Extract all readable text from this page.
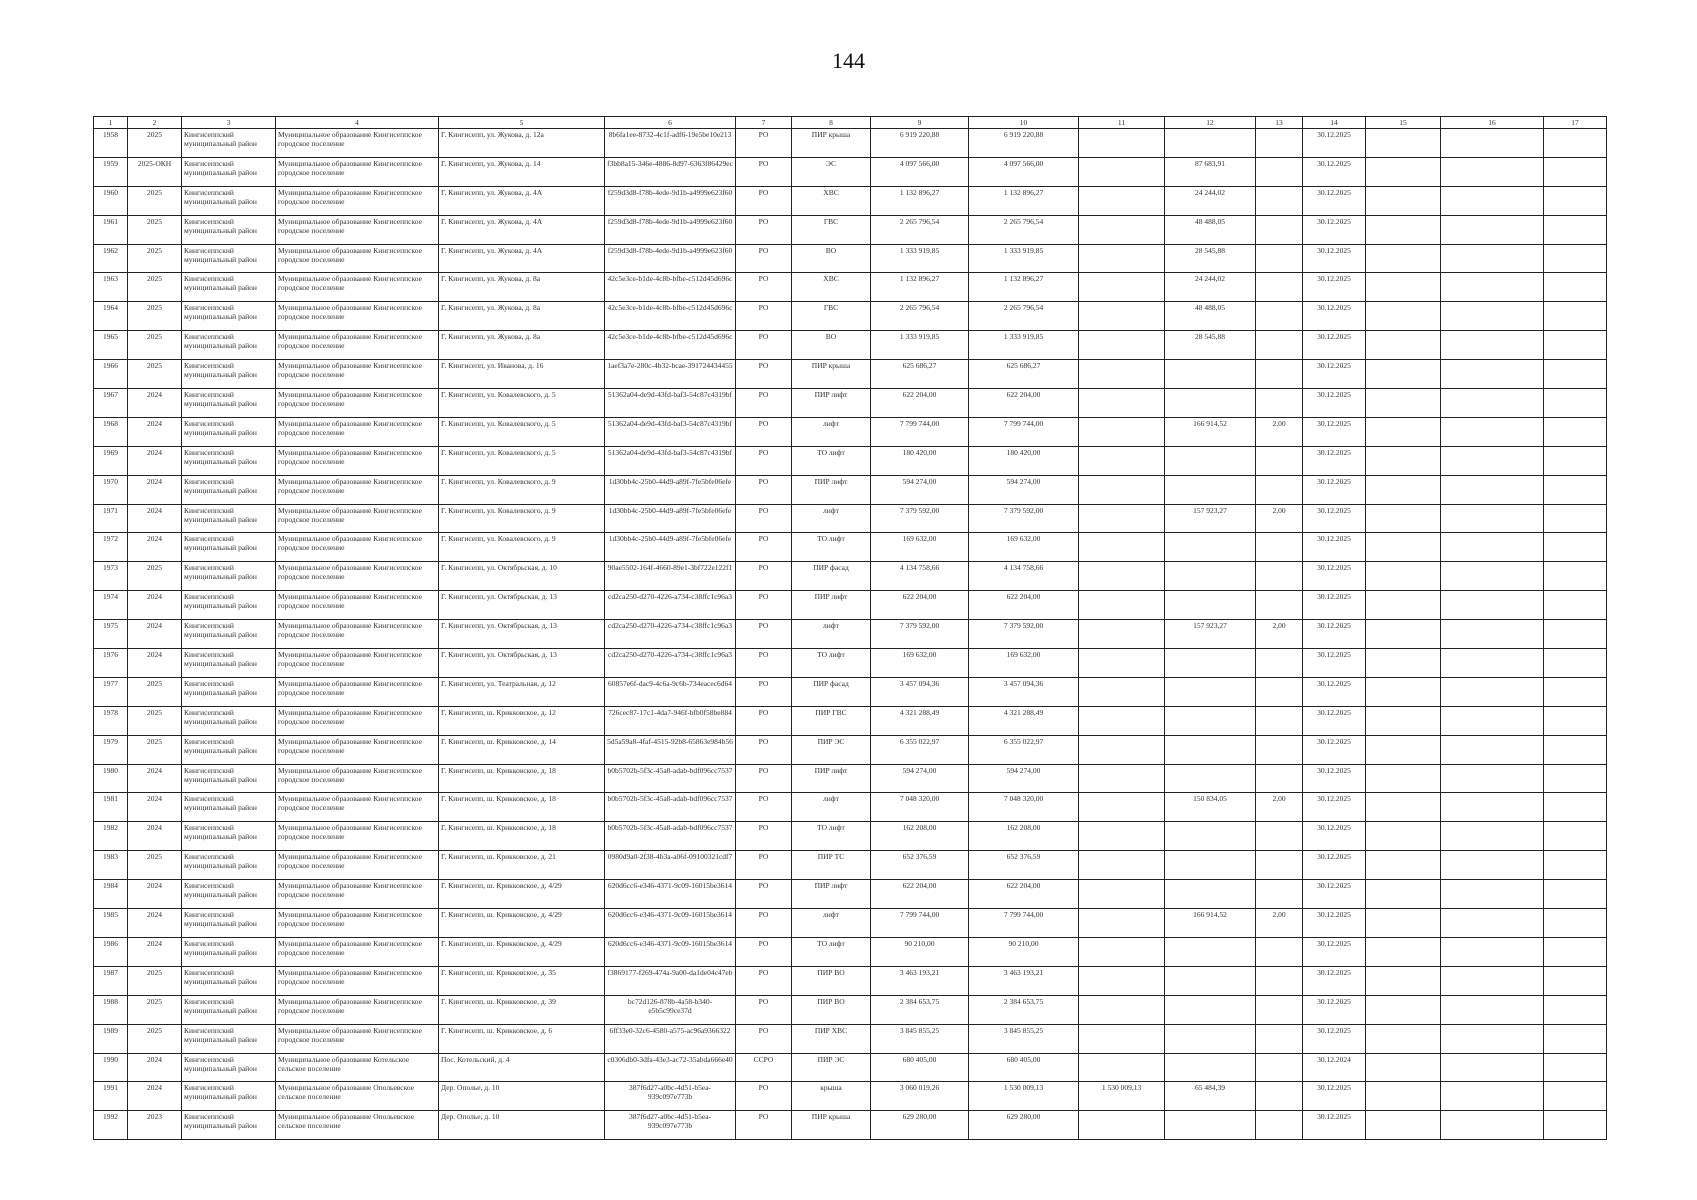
144
1	2	3	4	5	6	7	8	9	10	11	12	13	14	15	16	17
1958	2025	Кингисеппский муниципальный район	Муниципальное образование Кингисеппское городское поселение	Г. Кингисепп, ул. Жукова, д. 12а	8b6fa1ee-8732-4c1f-adf6-19e5be10e213	РО	ПИР крыша	6 919 220,88	6 919 220,88				30.12.2025			
1959	2025-ОКН	Кингисеппский муниципальный район	Муниципальное образование Кингисеппское городское поселение	Г. Кингисепп, ул. Жукова, д. 14	f3bb8a15-346e-4886-8d97-6363f86429ec	РО	ЭС	4 097 566,00	4 097 566,00		87 683,91		30.12.2025			
1960	2025	Кингисеппский муниципальный район	Муниципальное образование Кингисеппское городское поселение	Г. Кингисепп, ул. Жукова, д. 4А	f259d3d8-f78b-4ede-9d1b-a4999e623f60	РО	ХВС	1 132 896,27	1 132 896,27		24 244,02		30.12.2025			
1961	2025	Кингисеппский муниципальный район	Муниципальное образование Кингисеппское городское поселение	Г. Кингисепп, ул. Жукова, д. 4А	f259d3d8-f78b-4ede-9d1b-a4999e623f60	РО	ГВС	2 265 796,54	2 265 796,54		48 488,05		30.12.2025			
1962	2025	Кингисеппский муниципальный район	Муниципальное образование Кингисеппское городское поселение	Г. Кингисепп, ул. Жукова, д. 4А	f259d3d8-f78b-4ede-9d1b-a4999e623f60	РО	ВО	1 333 919,85	1 333 919,85		28 545,88		30.12.2025			
1963	2025	Кингисеппский муниципальный район	Муниципальное образование Кингисеппское городское поселение	Г. Кингисепп, ул. Жукова, д. 8а	42c5e3ce-b1de-4c8b-bfbe-c512d45d696c	РО	ХВС	1 132 896,27	1 132 896,27		24 244,02		30.12.2025			
1964	2025	Кингисеппский муниципальный район	Муниципальное образование Кингисеппское городское поселение	Г. Кингисепп, ул. Жукова, д. 8а	42c5e3ce-b1de-4c8b-bfbe-c512d45d696c	РО	ГВС	2 265 796,54	2 265 796,54		48 488,05		30.12.2025			
1965	2025	Кингисеппский муниципальный район	Муниципальное образование Кингисеппское городское поселение	Г. Кингисепп, ул. Жукова, д. 8а	42c5e3ce-b1de-4c8b-bfbe-c512d45d696c	РО	ВО	1 333 919,85	1 333 919,85		28 545,88		30.12.2025			
1966	2025	Кингисеппский муниципальный район	Муниципальное образование Кингисеппское городское поселение	Г. Кингисепп, ул. Иванова, д. 16	1aef3a7e-280c-4b32-bcae-391724434455	РО	ПИР крыша	625 686,27	625 686,27				30.12.2025			
1967	2024	Кингисеппский муниципальный район	Муниципальное образование Кингисеппское городское поселение	Г. Кингисепп, ул. Ковалевского, д. 5	51362a04-de9d-43fd-baf3-54c87c4319bf	РО	ПИР лифт	622 204,00	622 204,00				30.12.2025			
1968	2024	Кингисеппский муниципальный район	Муниципальное образование Кингисеппское городское поселение	Г. Кингисепп, ул. Ковалевского, д. 5	51362a04-de9d-43fd-baf3-54c87c4319bf	РО	лифт	7 799 744,00	7 799 744,00		166 914,52	2,00	30.12.2025			
1969	2024	Кингисеппский муниципальный район	Муниципальное образование Кингисеппское городское поселение	Г. Кингисепп, ул. Ковалевского, д. 5	51362a04-de9d-43fd-baf3-54c87c4319bf	РО	ТО лифт	180 420,00	180 420,00				30.12.2025			
1970	2024	Кингисеппский муниципальный район	Муниципальное образование Кингисеппское городское поселение	Г. Кингисепп, ул. Ковалевского, д. 9	1d30bb4c-25b0-44d9-a89f-7fe5bfe06efe	РО	ПИР лифт	594 274,00	594 274,00				30.12.2025			
1971	2024	Кингисеппский муниципальный район	Муниципальное образование Кингисеппское городское поселение	Г. Кингисепп, ул. Ковалевского, д. 9	1d30bb4c-25b0-44d9-a89f-7fe5bfe06efe	РО	лифт	7 379 592,00	7 379 592,00		157 923,27	2,00	30.12.2025			
1972	2024	Кингисеппский муниципальный район	Муниципальное образование Кингисеппское городское поселение	Г. Кингисепп, ул. Ковалевского, д. 9	1d30bb4c-25b0-44d9-a89f-7fe5bfe06efe	РО	ТО лифт	169 632,00	169 632,00				30.12.2025			
1973	2025	Кингисеппский муниципальный район	Муниципальное образование Кингисеппское городское поселение	Г. Кингисепп, ул. Октябрьская, д. 10	90ae5502-164f-4660-89e1-3bf722e122f1	РО	ПИР фасад	4 134 758,66	4 134 758,66				30.12.2025			
1974	2024	Кингисеппский муниципальный район	Муниципальное образование Кингисеппское городское поселение	Г. Кингисепп, ул. Октябрьская, д. 13	cd2ca250-d270-4226-a734-c38ffc1c96a3	РО	ПИР лифт	622 204,00	622 204,00				30.12.2025			
1975	2024	Кингисеппский муниципальный район	Муниципальное образование Кингисеппское городское поселение	Г. Кингисепп, ул. Октябрьская, д. 13	cd2ca250-d270-4226-a734-c38ffc1c96a3	РО	лифт	7 379 592,00	7 379 592,00		157 923,27	2,00	30.12.2025			
1976	2024	Кингисеппский муниципальный район	Муниципальное образование Кингисеппское городское поселение	Г. Кингисепп, ул. Октябрьская, д. 13	cd2ca250-d270-4226-a734-c38ffc1c96a3	РО	ТО лифт	169 632,00	169 632,00				30.12.2025			
1977	2025	Кингисеппский муниципальный район	Муниципальное образование Кингисеппское городское поселение	Г. Кингисепп, ул. Театральная, д. 12	60857e6f-dac9-4c6a-9c6b-734eacec6d64	РО	ПИР фасад	3 457 094,36	3 457 094,36				30.12.2025			
1978	2025	Кингисеппский муниципальный район	Муниципальное образование Кингисеппское городское поселение	Г. Кингисепп, ш. Крикковское, д. 12	726cec87-17c1-4da7-946f-bfb0f58be884	РО	ПИР ГВС	4 321 288,49	4 321 288,49				30.12.2025			
1979	2025	Кингисеппский муниципальный район	Муниципальное образование Кингисеппское городское поселение	Г. Кингисепп, ш. Крикковское, д. 14	5d5a59a8-4faf-4515-92b8-65863e984b56	РО	ПИР ЭС	6 355 022,97	6 355 022,97				30.12.2025			
1980	2024	Кингисеппский муниципальный район	Муниципальное образование Кингисеппское городское поселение	Г. Кингисепп, ш. Крикковское, д. 18	b0b5702b-5f3c-45a8-adab-bdf096cc7537	РО	ПИР лифт	594 274,00	594 274,00				30.12.2025			
1981	2024	Кингисеппский муниципальный район	Муниципальное образование Кингисеппское городское поселение	Г. Кингисепп, ш. Крикковское, д. 18	b0b5702b-5f3c-45a8-adab-bdf096cc7537	РО	лифт	7 048 320,00	7 048 320,00		150 834,05	2,00	30.12.2025			
1982	2024	Кингисеппский муниципальный район	Муниципальное образование Кингисеппское городское поселение	Г. Кингисепп, ш. Крикковское, д. 18	b0b5702b-5f3c-45a8-adab-bdf096cc7537	РО	ТО лифт	162 208,00	162 208,00				30.12.2025			
1983	2025	Кингисеппский муниципальный район	Муниципальное образование Кингисеппское городское поселение	Г. Кингисепп, ш. Крикковское, д. 21	0980d9a0-2f38-4b3a-a06f-09100321cdf7	РО	ПИР ТС	652 376,59	652 376,59				30.12.2025			
1984	2024	Кингисеппский муниципальный район	Муниципальное образование Кингисеппское городское поселение	Г. Кингисепп, ш. Крикковское, д. 4/29	620d6cc6-e346-4371-9c09-16015be3614	РО	ПИР лифт	622 204,00	622 204,00				30.12.2025			
1985	2024	Кингисеппский муниципальный район	Муниципальное образование Кингисеппское городское поселение	Г. Кингисепп, ш. Крикковское, д. 4/29	620d6cc6-e346-4371-9c09-16015be3614	РО	лифт	7 799 744,00	7 799 744,00		166 914,52	2,00	30.12.2025			
1986	2024	Кингисеппский муниципальный район	Муниципальное образование Кингисеппское городское поселение	Г. Кингисепп, ш. Крикковское, д. 4/29	620d6cc6-e346-4371-9c09-16015be3614	РО	ТО лифт	90 210,00	90 210,00				30.12.2025			
1987	2025	Кингисеппский муниципальный район	Муниципальное образование Кингисеппское городское поселение	Г. Кингисепп, ш. Крикковское, д. 35	f3869177-f269-474a-9a00-da1de04c47eb	РО	ПИР ВО	3 463 193,21	3 463 193,21				30.12.2025			
1988	2025	Кингисеппский муниципальный район	Муниципальное образование Кингисеппское городское поселение	Г. Кингисепп, ш. Крикковское, д. 39	bc72d126-878b-4a58-b340-e5b5c99ce37d	РО	ПИР ВО	2 384 653,75	2 384 653,75				30.12.2025			
1989	2025	Кингисеппский муниципальный район	Муниципальное образование Кингисеппское городское поселение	Г. Кингисепп, ш. Крикковское, д. 6	6ff33e0-32c6-4580-a575-ac96a9366322	РО	ПИР ХВС	3 845 855,25	3 845 855,25				30.12.2025			
1990	2024	Кингисеппский муниципальный район	Муниципальное образование Котельское сельское поселение	Пос. Котельский, д. 4	c0306db0-3dfa-43e3-ac72-35abda666e40	ССРО	ПИР ЭС	680 405,00	680 405,00				30.12.2024			
1991	2024	Кингисеппский муниципальный район	Муниципальное образование Опольевское сельское поселение	Дер. Ополье, д. 10	387f6d27-a0bc-4d51-b5ea-939c097e773b	РО	крыша	3 060 019,26	1 530 009,13	1 530 009,13	65 484,39		30.12.2025			
1992	2023	Кингисеппский муниципальный район	Муниципальное образование Опольевское сельское поселение	Дер. Ополье, д. 10	387f6d27-a0bc-4d51-b5ea-939c097e773b	РО	ПИР крыша	629 280,00	629 280,00				30.12.2025			
